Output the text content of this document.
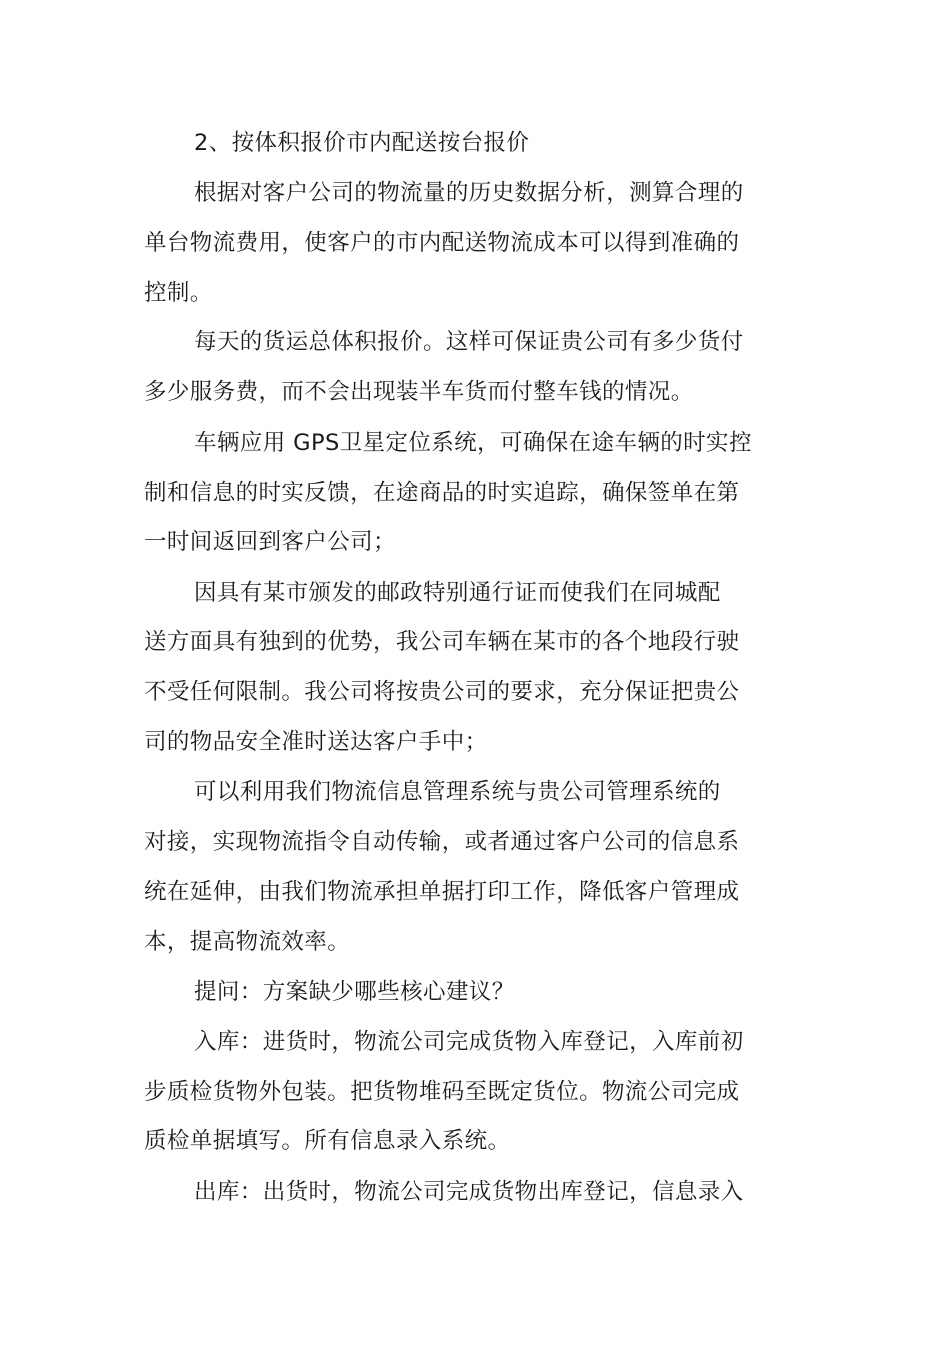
2、按体积报价市内配送按台报价
根据对客户公司的物流量的历史数据分析，测算合理的
单台物流费用，使客户的市内配送物流成本可以得到准确的
控制。
每天的货运总体积报价。这样可保证贵公司有多少货付
多少服务费，而不会出现装半车货而付整车钱的情况。
车辆应用 GPS卫星定位系统，可确保在途车辆的时实控
制和信息的时实反馈，在途商品的时实追踪，确保签单在第
一时间返回到客户公司；
因具有某市颁发的邮政特别通行证而使我们在同城配
送方面具有独到的优势，我公司车辆在某市的各个地段行驶
不受任何限制。我公司将按贵公司的要求，充分保证把贵公
司的物品安全准时送达客户手中；
可以利用我们物流信息管理系统与贵公司管理系统的
对接，实现物流指令自动传输，或者通过客户公司的信息系
统在延伸，由我们物流承担单据打印工作，降低客户管理成
本，提高物流效率。
提问：方案缺少哪些核心建议？
入库：进货时，物流公司完成货物入库登记，入库前初
步质检货物外包装。把货物堆码至既定货位。物流公司完成
质检单据填写。所有信息录入系统。
出库：出货时，物流公司完成货物出库登记，信息录入
